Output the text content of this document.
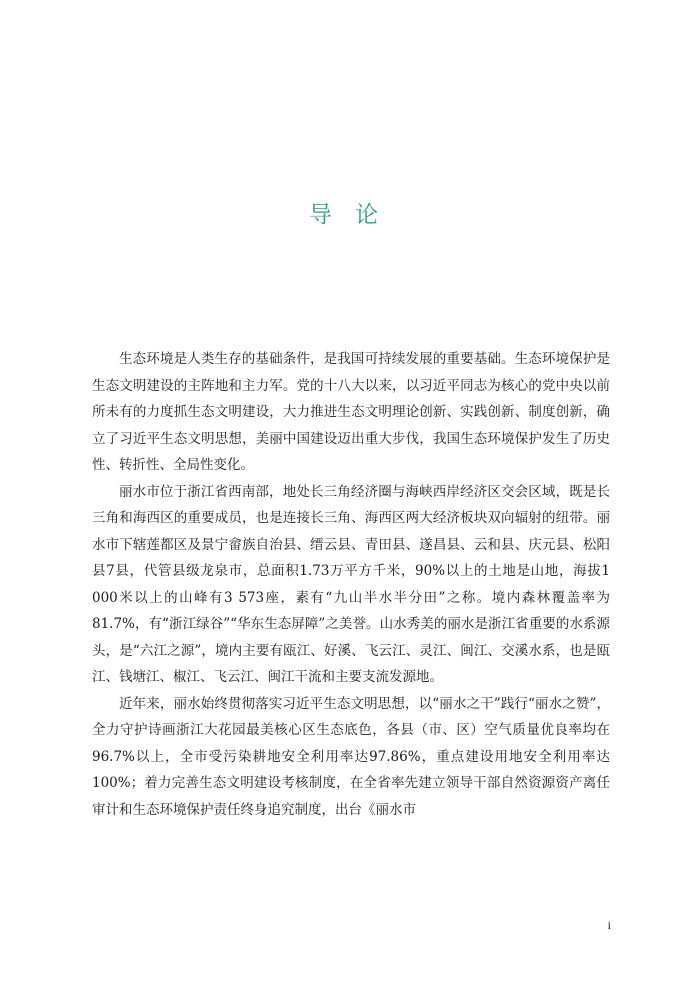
导 论

生态环境是人类生存的基础条件，是我国可持续发展的重要基础。生态环境保护是生态文明建设的主阵地和主力军。党的十八大以来，以习近平同志为核心的党中央以前所未有的力度抓生态文明建设，大力推进生态文明理论创新、实践创新、制度创新，确立了习近平生态文明思想，美丽中国建设迈出重大步伐，我国生态环境保护发生了历史性、转折性、全局性变化。

丽水市位于浙江省西南部，地处长三角经济圈与海峡西岸经济区交会区域，既是长三角和海西区的重要成员，也是连接长三角、海西区两大经济板块双向辐射的纽带。丽水市下辖莲都区及景宁畲族自治县、缙云县、青田县、遂昌县、云和县、庆元县、松阳县7县，代管县级龙泉市，总面积1.73万平方千米，90%以上的土地是山地，海拔1 000米以上的山峰有3 573座，素有“九山半水半分田”之称。境内森林覆盖率为81.7%，有“浙江绿谷”“华东生态屏障”之美誉。山水秀美的丽水是浙江省重要的水系源头，是“六江之源”，境内主要有瓯江、好溪、飞云江、灵江、闽江、交溪水系，也是瓯江、钱塘江、椒江、飞云江、闽江干流和主要支流发源地。

近年来，丽水始终贯彻落实习近平生态文明思想，以“丽水之干”践行“丽水之赞”，全力守护诗画浙江大花园最美核心区生态底色，各县（市、区）空气质量优良率均在96.7%以上，全市受污染耕地安全利用率达97.86%，重点建设用地安全利用率达100%；着力完善生态文明建设考核制度，在全省率先建立领导干部自然资源资产离任审计和生态环境保护责任终身追究制度，出台《丽水市

i
